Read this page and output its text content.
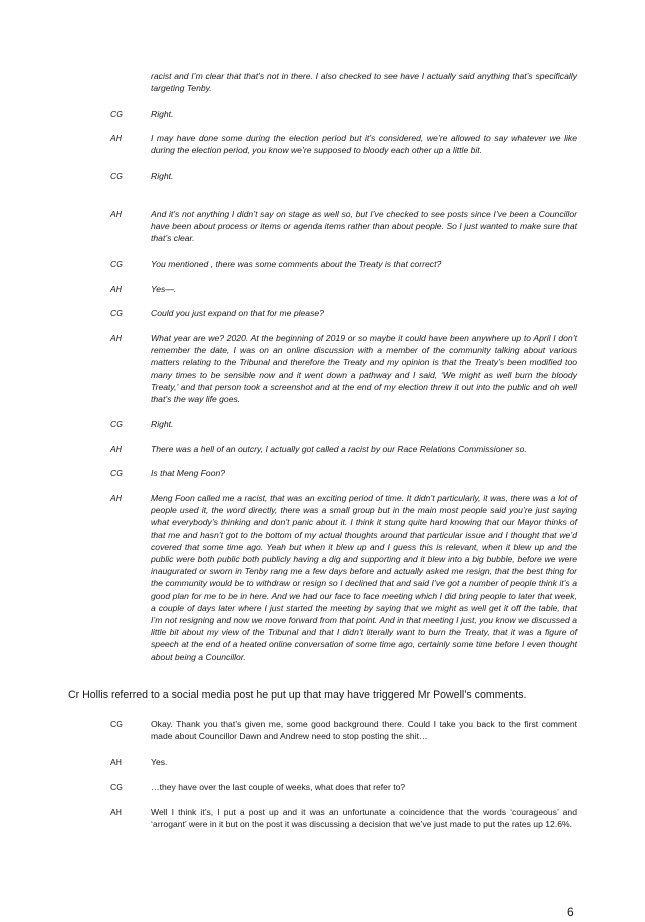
racist and I’m clear that that’s not in there. I also checked to see have I actually said anything that’s specifically targeting Tenby.
CG	Right.
AH	I may have done some during the election period but it’s considered, we’re allowed to say whatever we like during the election period, you know we’re supposed to bloody each other up a little bit.
CG	Right.
AH	And it’s not anything I didn’t say on stage as well so, but I’ve checked to see posts since I’ve been a Councillor have been about process or items or agenda items rather than about people. So I just wanted to make sure that that’s clear.
CG	You mentioned , there was some comments about the Treaty is that correct?
AH	Yes—.
CG	Could you just expand on that for me please?
AH	What year are we? 2020. At the beginning of 2019 or so maybe it could have been anywhere up to April I don’t remember the date, I was on an online discussion with a member of the community talking about various matters relating to the Tribunal and therefore the Treaty and my opinion is that the Treaty’s been modified too many times to be sensible now and it went down a pathway and I said, ‘We might as well burn the bloody Treaty,’ and that person took a screenshot and at the end of my election threw it out into the public and oh well that’s the way life goes.
CG	Right.
AH	There was a hell of an outcry, I actually got called a racist by our Race Relations Commissioner so.
CG	Is that Meng Foon?
AH	Meng Foon called me a racist, that was an exciting period of time. It didn’t particularly, it was, there was a lot of people used it, the word directly, there was a small group but in the main most people said you’re just saying what everybody’s thinking and don’t panic about it. I think it stung quite hard knowing that our Mayor thinks of that me and hasn’t got to the bottom of my actual thoughts around that particular issue and I thought that we’d covered that some time ago. Yeah but when it blew up and I guess this is relevant, when it blew up and the public were both public both publicly having a dig and supporting and it blew into a big bubble, before we were inaugurated or sworn in Tenby rang me a few days before and actually asked me resign, that the best thing for the community would be to withdraw or resign so I declined that and said I’ve got a number of people think it’s a good plan for me to be in here. And we had our face to face meeting which I did bring people to later that week, a couple of days later where I just started the meeting by saying that we might as well get it off the table, that I’m not resigning and now we move forward from that point. And in that meeting I just, you know we discussed a little bit about my view of the Tribunal and that I didn’t literally want to burn the Treaty, that it was a figure of speech at the end of a heated online conversation of some time ago, certainly some time before I even thought about being a Councillor.
Cr Hollis referred to a social media post he put up that may have triggered Mr Powell’s comments.
CG	Okay. Thank you that’s given me, some good background there. Could I take you back to the first comment made about Councillor Dawn and Andrew need to stop posting the shit…
AH	Yes.
CG	…they have over the last couple of weeks, what does that refer to?
AH	Well I think it’s, I put a post up and it was an unfortunate a coincidence that the words ‘courageous’ and ‘arrogant’ were in it but on the post it was discussing a decision that we’ve just made to put the rates up 12.6%.
6
